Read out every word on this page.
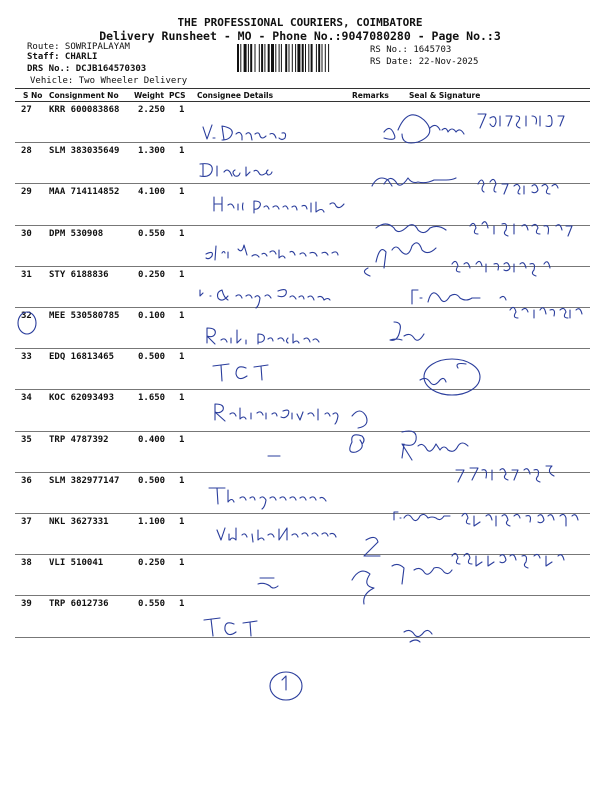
THE PROFESSIONAL COURIERS, COIMBATORE
Delivery Runsheet - MO - Phone No.:9047080280 - Page No.:3
Route: SOWRIPALAYAM
Staff: CHARLI
DRS No.: DCJB164570303
Vehicle: Two Wheeler Delivery
RS No.: 1645703
RS Date: 22-Nov-2025
S No Consignment No Weight PCS Consignee Details	Remarks	Seal & Signature
27 KRR 600083868 2.250 1
28 SLM 383035649 1.300 1
29 MAA 714114852 4.100 1
30 DPM 530908	0.550 1
31 STY 6188836	0.250 1
32 MEE 530580785 0.100 1
33 EDQ 16813465	0.500 1
34 KOC 62093493	1.650 1
35 TRP 4787392	0.400 1
36 SLM 382977147 0.500 1
37 NKL 3627331	1.100 1
38 VLI 510041	0.250 1
39 TRP 6012736	0.550 1
